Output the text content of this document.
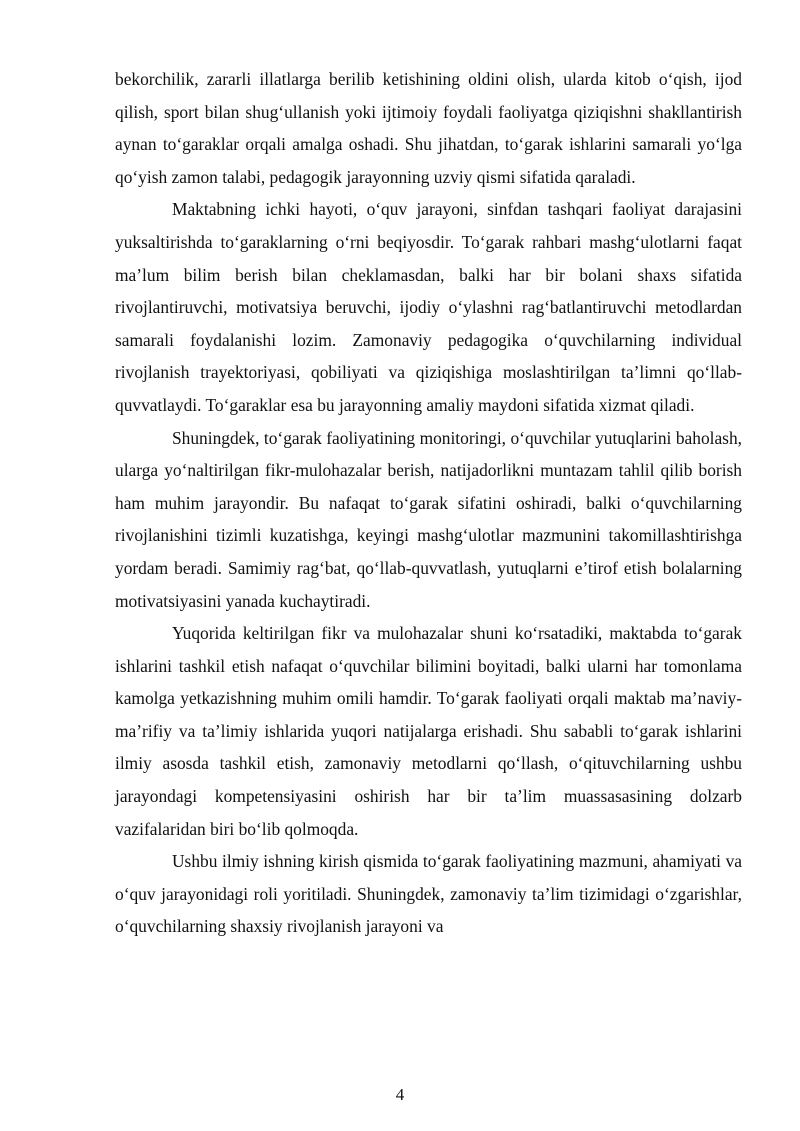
bekorchilik, zararli illatlarga berilib ketishining oldini olish, ularda kitob o‘qish, ijod qilish, sport bilan shug‘ullanish yoki ijtimoiy foydali faoliyatga qiziqishni shakllantirish aynan to‘garaklar orqali amalga oshadi. Shu jihatdan, to‘garak ishlarini samarali yo‘lga qo‘yish zamon talabi, pedagogik jarayonning uzviy qismi sifatida qaraladi.

Maktabning ichki hayoti, o‘quv jarayoni, sinfdan tashqari faoliyat darajasini yuksaltirishda to‘garaklarning o‘rni beqiyosdir. To‘garak rahbari mashg‘ulotlarni faqat ma’lum bilim berish bilan cheklamasdan, balki har bir bolani shaxs sifatida rivojlantiruvchi, motivatsiya beruvchi, ijodiy o‘ylashni rag‘batlantiruvchi metodlardan samarali foydalanishi lozim. Zamonaviy pedagogika o‘quvchilarning individual rivojlanish trayektoriyasi, qobiliyati va qiziqishiga moslashtirilgan ta’limni qo‘llab-quvvatlaydi. To‘garaklar esa bu jarayonning amaliy maydoni sifatida xizmat qiladi.

Shuningdek, to‘garak faoliyatining monitoringi, o‘quvchilar yutuqlarini baholash, ularga yo‘naltirilgan fikr-mulohazalar berish, natijadorlikni muntazam tahlil qilib borish ham muhim jarayondir. Bu nafaqat to‘garak sifatini oshiradi, balki o‘quvchilarning rivojlanishini tizimli kuzatishga, keyingi mashg‘ulotlar mazmunini takomillashtirishga yordam beradi. Samimiy rag‘bat, qo‘llab-quvvatlash, yutuqlarni e’tirof etish bolalarning motivatsiyasini yanada kuchaytiradi.

Yuqorida keltirilgan fikr va mulohazalar shuni ko‘rsatadiki, maktabda to‘garak ishlarini tashkil etish nafaqat o‘quvchilar bilimini boyitadi, balki ularni har tomonlama kamolga yetkazishning muhim omili hamdir. To‘garak faoliyati orqali maktab ma’naviy-ma’rifiy va ta’limiy ishlarida yuqori natijalarga erishadi. Shu sababli to‘garak ishlarini ilmiy asosda tashkil etish, zamonaviy metodlarni qo‘llash, o‘qituvchilarning ushbu jarayondagi kompetensiyasini oshirish har bir ta’lim muassasasining dolzarb vazifalaridan biri bo‘lib qolmoqda.

Ushbu ilmiy ishning kirish qismida to‘garak faoliyatining mazmuni, ahamiyati va o‘quv jarayonidagi roli yoritiladi. Shuningdek, zamonaviy ta’lim tizimidagi o‘zgarishlar, o‘quvchilarning shaxsiy rivojlanish jarayoni va

4
